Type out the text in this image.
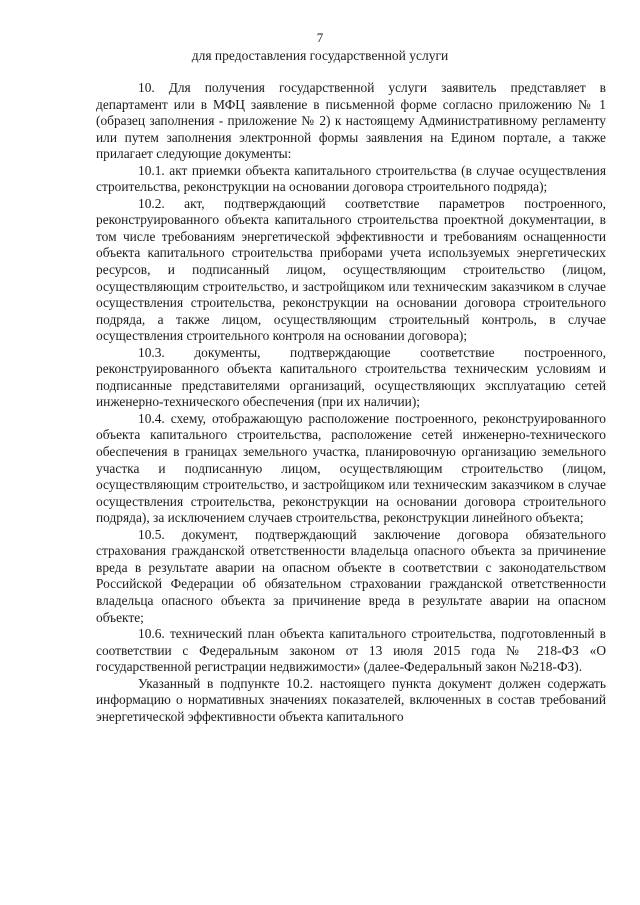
7
для предоставления государственной услуги

10. Для получения государственной услуги заявитель представляет в департамент или в МФЦ заявление в письменной форме согласно приложению № 1 (образец заполнения - приложение № 2) к настоящему Административному регламенту или путем заполнения электронной формы заявления на Едином портале, а также прилагает следующие документы:

10.1. акт приемки объекта капитального строительства (в случае осуществления строительства, реконструкции на основании договора строительного подряда);

10.2. акт, подтверждающий соответствие параметров построенного, реконструированного объекта капитального строительства проектной документации, в том числе требованиям энергетической эффективности и требованиям оснащенности объекта капитального строительства приборами учета используемых энергетических ресурсов, и подписанный лицом, осуществляющим строительство (лицом, осуществляющим строительство, и застройщиком или техническим заказчиком в случае осуществления строительства, реконструкции на основании договора строительного подряда, а также лицом, осуществляющим строительный контроль, в случае осуществления строительного контроля на основании договора);

10.3. документы, подтверждающие соответствие построенного, реконструированного объекта капитального строительства техническим условиям и подписанные представителями организаций, осуществляющих эксплуатацию сетей инженерно-технического обеспечения (при их наличии);

10.4. схему, отображающую расположение построенного, реконструированного объекта капитального строительства, расположение сетей инженерно-технического обеспечения в границах земельного участка, планировочную организацию земельного участка и подписанную лицом, осуществляющим строительство (лицом, осуществляющим строительство, и застройщиком или техническим заказчиком в случае осуществления строительства, реконструкции на основании договора строительного подряда), за исключением случаев строительства, реконструкции линейного объекта;

10.5. документ, подтверждающий заключение договора обязательного страхования гражданской ответственности владельца опасного объекта за причинение вреда в результате аварии на опасном объекте в соответствии с законодательством Российской Федерации об обязательном страховании гражданской ответственности владельца опасного объекта за причинение вреда в результате аварии на опасном объекте;

10.6. технический план объекта капитального строительства, подготовленный в соответствии с Федеральным законом от 13 июля 2015 года № 218-ФЗ «О государственной регистрации недвижимости» (далее-Федеральный закон №218-ФЗ).

Указанный в подпункте 10.2. настоящего пункта документ должен содержать информацию о нормативных значениях показателей, включенных в состав требований энергетической эффективности объекта капитального
